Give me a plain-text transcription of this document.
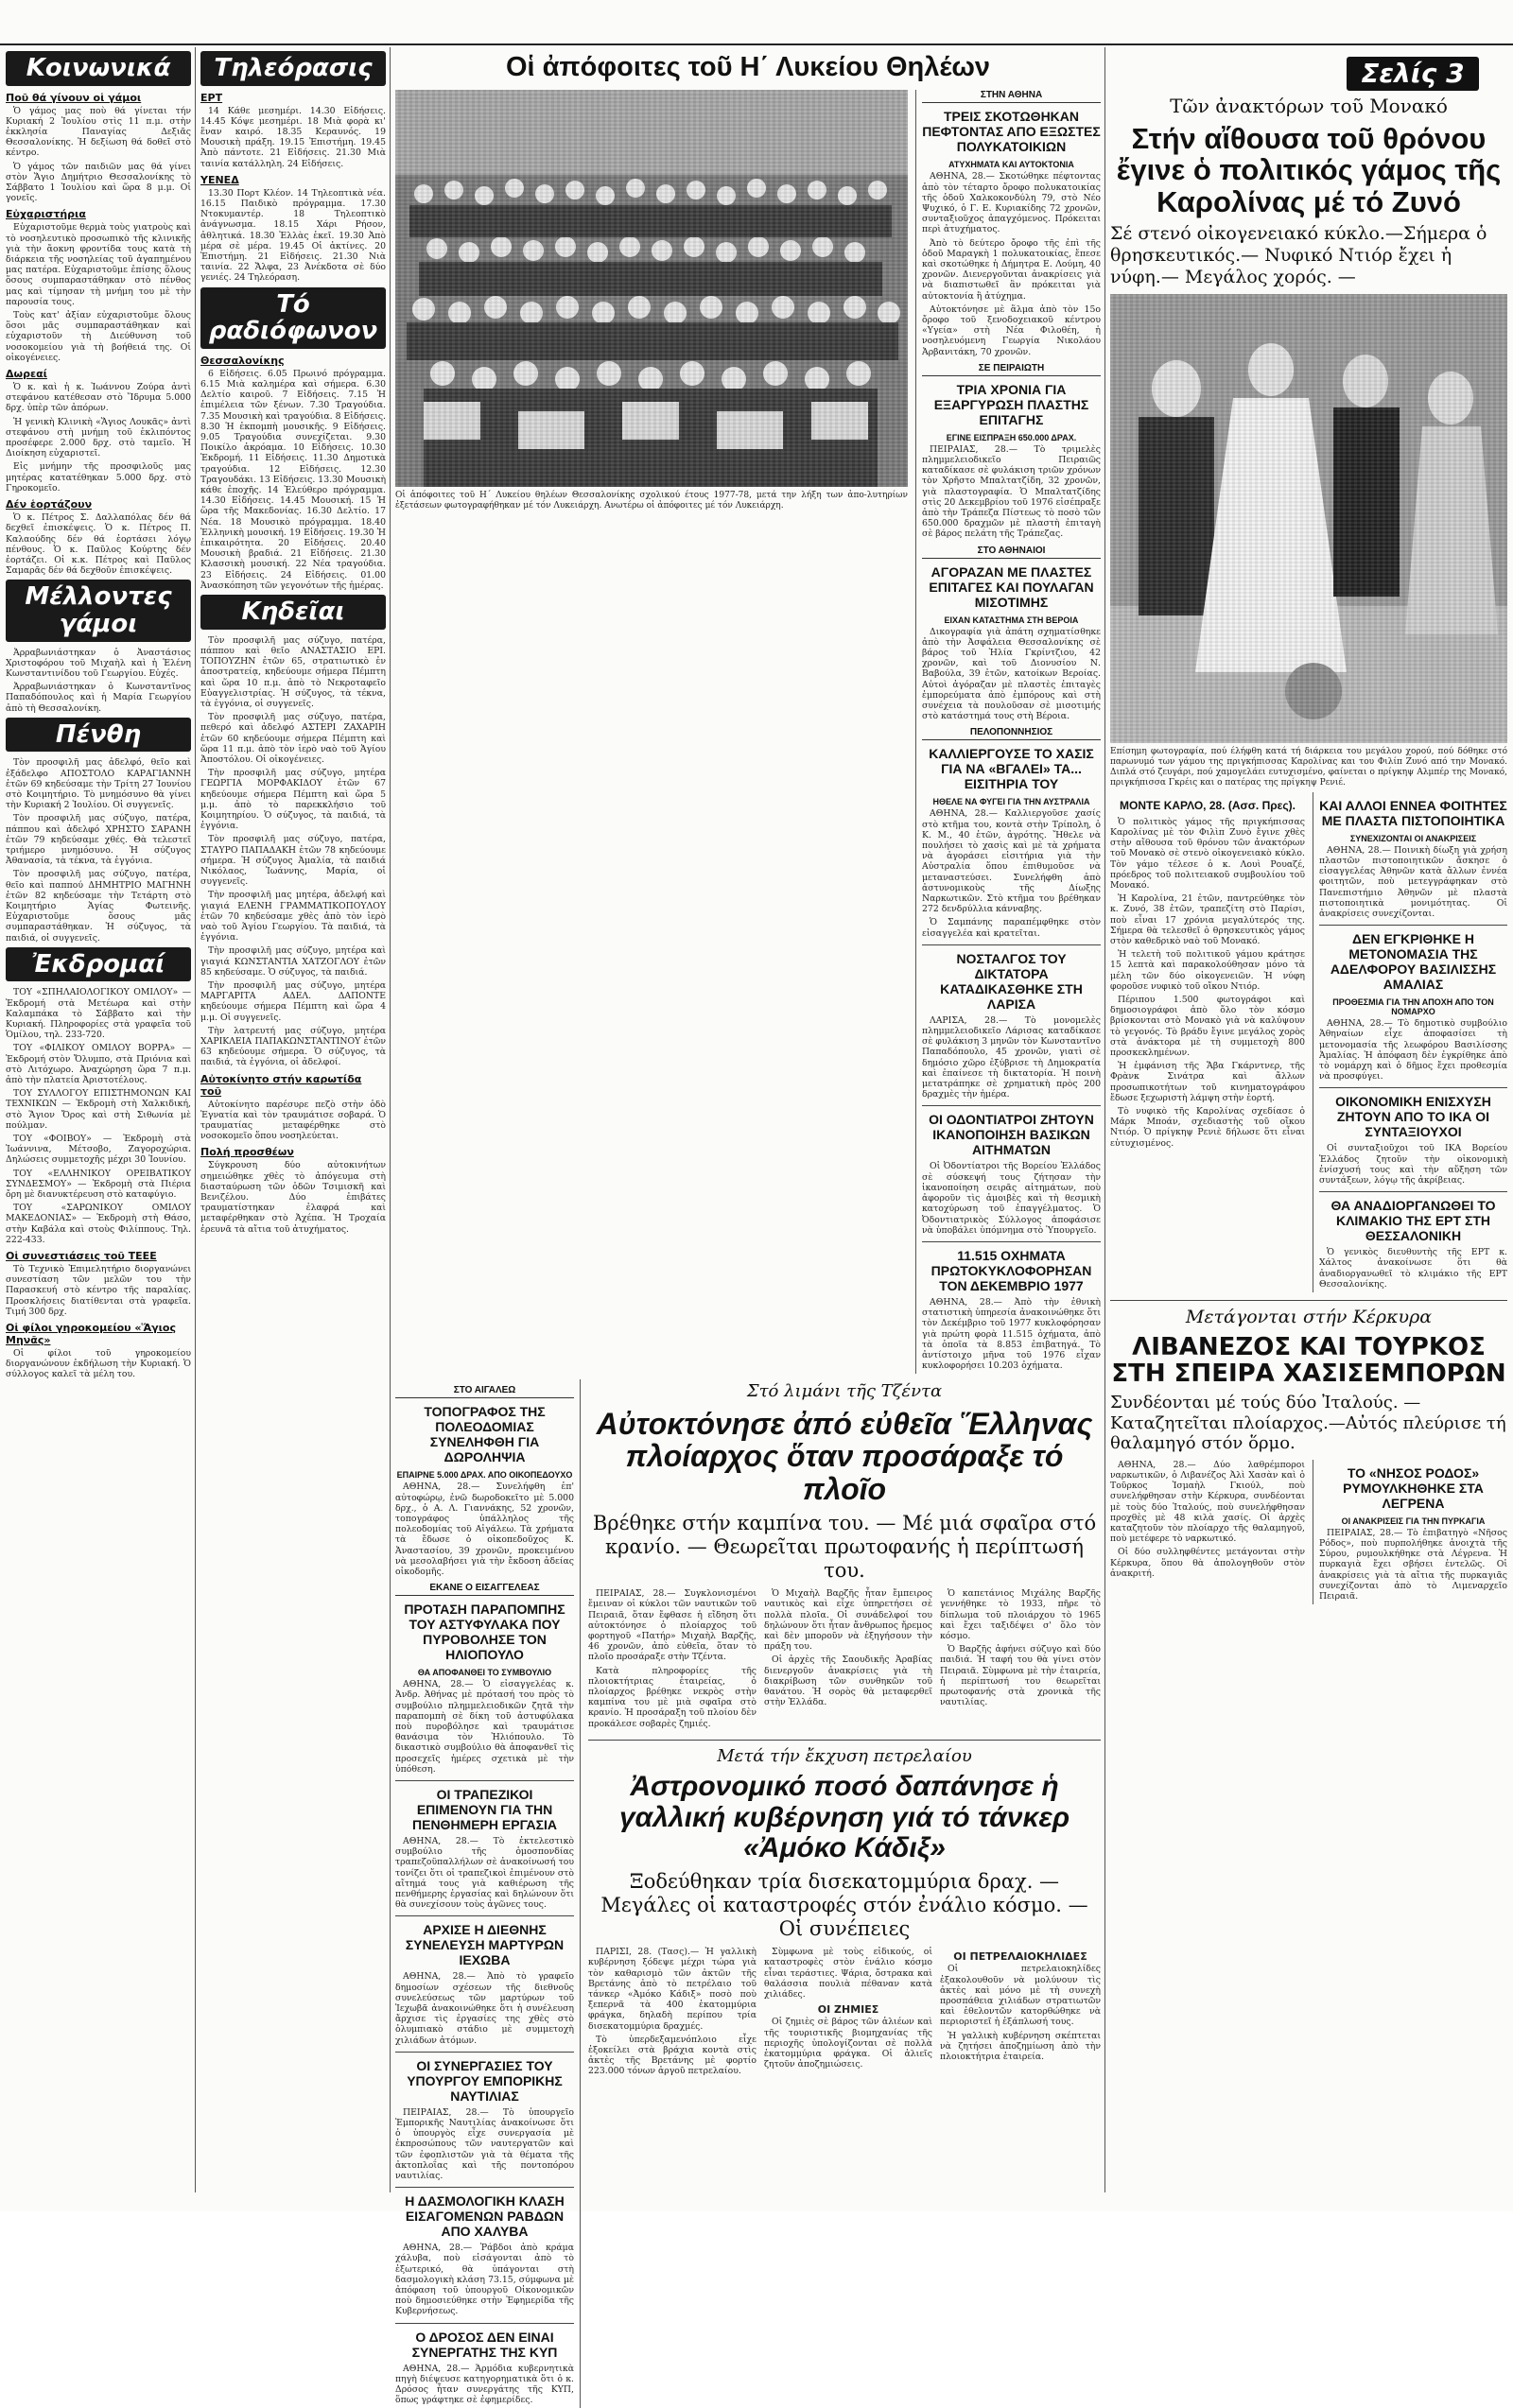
Σελίς 3
Κοινωνικά
Ποῦ θά γίνουν οἱ γάμοι

Ὁ γάμος μας ποὺ θά γίνεται τήν Κυριακή 2 Ἰουλίου στὶς 11 π.μ. στὴν ἐκκλησία Παναγίας Δεξιᾶς Θεσσαλονίκης. Ἡ δεξίωση θά δοθεῖ στὸ κέντρο.

Ὁ γάμος τῶν παιδιῶν μας θά γίνει στὸν Ἅγιο Δημήτριο Θεσσαλονίκης τὸ Σάββατο 1 Ἰουλίου καὶ ὥρα 8 μ.μ. Οἱ γονεῖς.

Εὐχαριστήρια

Εὐχαριστοῦμε θερμὰ τοὺς γιατροὺς καὶ τὸ νοσηλευτικὸ προσωπικὸ τῆς κλινικῆς γιὰ τὴν ἄοκνη φροντίδα τους κατὰ τὴ διάρκεια τῆς νοσηλείας τοῦ ἀγαπημένου μας πατέρα. Εὐχαριστοῦμε ἐπίσης ὅλους ὅσους συμπαραστάθηκαν στὸ πένθος μας καὶ τίμησαν τὴ μνήμη του μὲ τὴν παρουσία τους.

Τοὺς κατ' ἀξίαν εὐχαριστοῦμε ὅλους ὅσοι μᾶς συμπαραστάθηκαν καὶ εὐχαριστοῦν τὴ Διεύθυνση τοῦ νοσοκομείου γιὰ τὴ βοήθειά της. Οἱ οἰκογένειες.

Δωρεαί

Ὁ κ. καὶ ἡ κ. Ἰωάννου Ζούρα ἀντὶ στεφάνου κατέθεσαν στὸ Ἵδρυμα 5.000 δρχ. ὑπὲρ τῶν ἀπόρων.

Ἡ γενικὴ Κλινικὴ «Ἅγιος Λουκᾶς» ἀντὶ στεφάνου στὴ μνήμη τοῦ ἐκλιπόντος προσέφερε 2.000 δρχ. στὸ ταμεῖο. Ἡ Διοίκηση εὐχαριστεῖ.

Εἰς μνήμην τῆς προσφιλοῦς μας μητέρας κατατέθηκαν 5.000 δρχ. στὸ Γηροκομεῖο.

Δέν ἑορτάζουν

Ὁ κ. Πέτρος Σ. Δαλλαπόλας δέν θά δεχθεῖ ἐπισκέψεις. Ὁ κ. Πέτρος Π. Καλαούδης δέν θά ἑορτάσει λόγῳ πένθους. Ὁ κ. Παῦλος Κούρτης δέν ἑορτάζει. Οἱ κ.κ. Πέτρος καὶ Παῦλος Σαμαρᾶς δέν θά δεχθοῦν ἐπισκέψεις.

Μέλλοντες γάμοι

Ἀρραβωνιάστηκαν ὁ Ἀναστάσιος Χριστοφόρου τοῦ Μιχαὴλ καὶ ἡ Ἑλένη Κωνσταντινίδου τοῦ Γεωργίου. Εὐχές.

Ἀρραβωνιάστηκαν ὁ Κωνσταντῖνος Παπαδόπουλος καὶ ἡ Μαρία Γεωργίου ἀπὸ τὴ Θεσσαλονίκη.

Πένθη

Τὸν προσφιλῆ μας ἀδελφό, θεῖο καὶ ἐξάδελφο ΑΠΟΣΤΟΛΟ ΚΑΡΑΓΙΑΝΝΗ ἐτῶν 69 κηδεύσαμε τὴν Τρίτη 27 Ἰουνίου στὸ Κοιμητήριο. Τὸ μνημόσυνο θὰ γίνει τὴν Κυριακή 2 Ἰουλίου. Οἱ συγγενεῖς.

Τὸν προσφιλῆ μας σύζυγο, πατέρα, πάππου καὶ ἀδελφό ΧΡΗΣΤΟ ΣΑΡΑΝΗ ἐτῶν 79 κηδεύσαμε χθές. Θὰ τελεστεῖ τριήμερο μνημόσυνο. Ἡ σύζυγος Ἀθανασία, τὰ τέκνα, τὰ ἐγγόνια.

Τὸν προσφιλῆ μας σύζυγο, πατέρα, θεῖο καὶ παππού ΔΗΜΗΤΡΙΟ ΜΑΓΗΝΗ ἐτῶν 82 κηδεύσαμε τὴν Τετάρτη στὸ Κοιμητήριο Ἁγίας Φωτεινῆς. Εὐχαριστοῦμε ὅσους μᾶς συμπαραστάθηκαν. Ἡ σύζυγος, τὰ παιδιά, οἱ συγγενεῖς.

Ἐκδρομαί

ΤΟΥ «ΣΠΗΛΑΙΟΛΟΓΙΚΟΥ ΟΜΙΛΟΥ» — Ἐκδρομή στὰ Μετέωρα καὶ στὴν Καλαμπάκα τὸ Σάββατο καὶ τὴν Κυριακή. Πληροφορίες στὰ γραφεῖα τοῦ Ὁμίλου, τηλ. 233-720.

ΤΟΥ «ΦΙΛΙΚΟΥ ΟΜΙΛΟΥ ΒΟΡΡΑ» — Ἐκδρομή στὸν Ὄλυμπο, στὰ Πριόνια καὶ στὸ Λιτόχωρο. Ἀναχώρηση ὥρα 7 π.μ. ἀπὸ τὴν πλατεία Ἀριστοτέλους.

ΤΟΥ ΣΥΛΛΟΓΟΥ ΕΠΙΣΤΗΜΟΝΩΝ ΚΑΙ ΤΕΧΝΙΚΩΝ — Ἐκδρομὴ στὴ Χαλκιδική, στὸ Ἅγιον Ὄρος καὶ στὴ Σιθωνία μὲ πούλμαν.

ΤΟΥ «ΦΟΙΒΟΥ» — Ἐκδρομὴ στὰ Ἰωάννινα, Μέτσοβο, Ζαγοροχώρια. Δηλώσεις συμμετοχῆς μέχρι 30 Ἰουνίου.

ΤΟΥ «ΕΛΛΗΝΙΚΟΥ ΟΡΕΙΒΑΤΙΚΟΥ ΣΥΝΔΕΣΜΟΥ» — Ἐκδρομὴ στὰ Πιέρια ὄρη μὲ διανυκτέρευση στὸ καταφύγιο.

ΤΟΥ «ΣΑΡΩΝΙΚΟΥ ΟΜΙΛΟΥ ΜΑΚΕΔΟΝΙΑΣ» — Ἐκδρομὴ στὴ Θάσο, στὴν Καβάλα καὶ στοὺς Φιλίππους. Τηλ. 222-433.

Οἱ συνεστιάσεις τοῦ ΤΕΕΕ

Τὸ Τεχνικὸ Ἐπιμελητήριο διοργανώνει συνεστίαση τῶν μελῶν του τὴν Παρασκευή στὸ κέντρο τῆς παραλίας. Προσκλήσεις διατίθενται στὰ γραφεῖα. Τιμή 300 δρχ.

Οἱ φίλοι γηροκομείου «Ἅγιος Μηνᾶς»

Οἱ φίλοι τοῦ γηροκομείου διοργανώνουν ἐκδήλωση τὴν Κυριακή. Ὁ σύλλογος καλεῖ τὰ μέλη του.

Τηλεόρασις
ΕΡΤ

14 Κάθε μεσημέρι. 14.30 Εἰδήσεις. 14.45 Κόψε μεσημέρι. 18 Μιὰ φορὰ κι' ἕναν καιρό. 18.35 Κεραυνός. 19 Μουσικὴ πράξη. 19.15 Ἐπιστήμη. 19.45 Ἀπὸ πάντοτε. 21 Εἰδήσεις. 21.30 Μιὰ ταινία κατάλληλη. 24 Εἰδήσεις.

ΥΕΝΕΔ

13.30 Πορτ Κλέον. 14 Τηλεοπτικὰ νέα. 16.15 Παιδικὸ πρόγραμμα. 17.30 Ντοκυμαντέρ. 18 Τηλεοπτικὸ ἀνάγνωσμα. 18.15 Χάρι Ρήσον, ἀθλητικά. 18.30 Ἐλλὰς ἐκεῖ. 19.30 Ἀπὸ μέρα σὲ μέρα. 19.45 Οἱ ἀκτίνες. 20 Ἐπιστήμη. 21 Εἰδήσεις. 21.30 Νιὰ ταινία. 22 Ἄλφα, 23 Ἀνέκδοτα σὲ δύο γενιές. 24 Τηλεόραση.

Τό ραδιόφωνον
Θεσσαλονίκης

6 Εἰδήσεις. 6.05 Πρωινό πρόγραμμα. 6.15 Μιὰ καλημέρα καὶ σήμερα. 6.30 Δελτίο καιροῦ. 7 Εἰδήσεις. 7.15 Ἡ ἐπιμέλεια τῶν ξένων. 7.30 Τραγούδια. 7.35 Μουσικὴ καὶ τραγούδια. 8 Εἰδήσεις. 8.30 Ἡ ἐκπομπὴ μουσικῆς. 9 Εἰδήσεις. 9.05 Τραγούδια συνεχίζεται. 9.30 Ποικίλο ἀκρόαμα. 10 Εἰδήσεις. 10.30 Ἐκδρομή. 11 Εἰδήσεις. 11.30 Δημοτικὰ τραγούδια. 12 Εἰδήσεις. 12.30 Τραγουδάκι. 13 Εἰδήσεις. 13.30 Μουσικὴ κάθε ἐποχῆς. 14 Ἐλεύθερο πρόγραμμα. 14.30 Εἰδήσεις. 14.45 Μουσική. 15 Ἡ ὥρα τῆς Μακεδονίας. 16.30 Δελτίο. 17 Νέα. 18 Μουσικὸ πρόγραμμα. 18.40 Ἐλληνικὴ μουσική. 19 Εἰδήσεις. 19.30 Ἡ ἐπικαιρότητα. 20 Εἰδήσεις. 20.40 Μουσικὴ βραδιά. 21 Εἰδήσεις. 21.30 Κλασσικὴ μουσική. 22 Νέα τραγούδια. 23 Εἰδήσεις. 24 Εἰδήσεις. 01.00 Ἀνασκόπηση τῶν γεγονότων τῆς ἡμέρας.

Κηδεῖαι

Τὸν προσφιλῆ μας σύζυγο, πατέρα, πάππου καὶ θεῖο ΑΝΑΣΤΑΣΙΟ ΕΡΙ. ΤΟΠΟΥΖΗΝ ἐτῶν 65, στρατιωτικὸ ἐν ἀποστρατείᾳ, κηδεύουμε σήμερα Πέμπτη καὶ ὥρα 10 π.μ. ἀπὸ τὸ Νεκροταφεῖο Εὐαγγελιστρίας. Ἡ σύζυγος, τὰ τέκνα, τὰ ἐγγόνια, οἱ συγγενεῖς.

Τὸν προσφιλῆ μας σύζυγο, πατέρα, πεθερό καὶ ἀδελφό ΑΣΤΕΡΙ ΖΑΧΑΡΙΗ ἐτῶν 60 κηδεύουμε σήμερα Πέμπτη καὶ ὥρα 11 π.μ. ἀπὸ τὸν ἱερὸ ναὸ τοῦ Ἁγίου Ἀποστόλου. Οἱ οἰκογένειες.

Τὴν προσφιλῆ μας σύζυγο, μητέρα ΓΕΩΡΓΙΑ ΜΟΡΦΑΚΙΔΟΥ ἐτῶν 67 κηδεύουμε σήμερα Πέμπτη καὶ ὥρα 5 μ.μ. ἀπὸ τὸ παρεκκλήσιο τοῦ Κοιμητηρίου. Ὁ σύζυγος, τὰ παιδιά, τὰ ἐγγόνια.

Τὸν προσφιλῆ μας σύζυγο, πατέρα, ΣΤΑΥΡΟ ΠΑΠΑΔΑΚΗ ἐτῶν 78 κηδεύουμε σήμερα. Ἡ σύζυγος Ἀμαλία, τὰ παιδιά Νικόλαος, Ἰωάννης, Μαρία, οἱ συγγενεῖς.

Τὴν προσφιλῆ μας μητέρα, ἀδελφή καὶ γιαγιά ΕΛΕΝΗ ΓΡΑΜΜΑΤΙΚΟΠΟΥΛΟΥ ἐτῶν 70 κηδεύσαμε χθὲς ἀπὸ τὸν ἱερὸ ναὸ τοῦ Ἁγίου Γεωργίου. Τὰ παιδιά, τὰ ἐγγόνια.

Τὴν προσφιλῆ μας σύζυγο, μητέρα καὶ γιαγιά ΚΩΝΣΤΑΝΤΙΑ ΧΑΤΖΟΓΛΟΥ ἐτῶν 85 κηδεύσαμε. Ὁ σύζυγος, τὰ παιδιά.

Τὴν προσφιλῆ μας σύζυγο, μητέρα ΜΑΡΓΑΡΙΤΑ ΑΔΕΛ. ΔΑΠΟΝΤΕ κηδεύουμε σήμερα Πέμπτη καὶ ὥρα 4 μ.μ. Οἱ συγγενεῖς.

Τὴν λατρευτή μας σύζυγο, μητέρα ΧΑΡΙΚΛΕΙΑ ΠΑΠΑΚΩΝΣΤΑΝΤΙΝΟΥ ἐτῶν 63 κηδεύουμε σήμερα. Ὁ σύζυγος, τὰ παιδιά, τὰ ἐγγόνια, οἱ ἀδελφοί.

Αὐτοκίνητο στήν καρωτίδα τοῦ

Αὐτοκίνητο παρέσυρε πεζὸ στὴν ὁδὸ Ἐγνατία καὶ τὸν τραυμάτισε σοβαρά. Ὁ τραυματίας μεταφέρθηκε στὸ νοσοκομεῖο ὅπου νοσηλεύεται.

Πολή προσθέων

Σύγκρουση δύο αὐτοκινήτων σημειώθηκε χθὲς τὸ ἀπόγευμα στὴ διασταύρωση τῶν ὁδῶν Τσιμισκῆ καὶ Βενιζέλου. Δύο ἐπιβάτες τραυματίστηκαν ἐλαφρά καὶ μεταφέρθηκαν στὸ Ἀχέπα. Ἡ Τροχαία ἐρευνᾶ τὰ αἴτια τοῦ ἀτυχήματος.

Οἱ ἀπόφοιτες τοῦ Η΄ Λυκείου Θηλέων
Οἱ ἀπόφοιτες τοῦ Η΄ Λυκείου θηλέων Θεσσαλονίκης σχολικού έτους 1977-78, μετά την λήξη των ἀπο-λυτηρίων ἐξετάσεων φωτογραφήθηκαν μέ τόν Λυκειάρχη. Ανωτέρω οἱ ἀπόφοιτες μέ τόν Λυκειάρχη.
ΣΤΗΝ ΑΘΗΝΑ
ΤΡΕΙΣ ΣΚΟΤΩΘΗΚΑΝ ΠΕΦΤΟΝΤΑΣ ΑΠΟ ΕΞΩΣΤΕΣ ΠΟΛΥΚΑΤΟΙΚΙΩΝ
ΑΤΥΧΗΜΑΤΑ ΚΑΙ ΑΥΤΟΚΤΟΝΙΑ

ΑΘΗΝΑ, 28.— Σκοτώθηκε πέφτοντας ἀπὸ τὸν τέταρτο ὄροφο πολυκατοικίας τῆς ὁδοῦ Χαλκοκονδύλη 79, στὸ Νέο Ψυχικό, ὁ Γ. Ε. Κυριακίδης 72 χρονῶν, συνταξιοῦχος ἀπαγχόμενος. Πρόκειται περὶ ἀτυχήματος.

Ἀπὸ τὸ δεύτερο ὄροφο τῆς ἐπὶ τῆς ὁδοῦ Μαραγκὴ 1 πολυκατοικίας, ἔπεσε καὶ σκοτώθηκε ἡ Δήμητρα Ε. Λούμη, 40 χρονῶν. Διενεργοῦνται ἀνακρίσεις γιὰ νὰ διαπιστωθεῖ ἂν πρόκειται γιὰ αὐτοκτονία ἢ ἀτύχημα.

Αὐτοκτόνησε μὲ ἅλμα ἀπὸ τὸν 15ο ὄροφο τοῦ ξενοδοχειακοῦ κέντρου «Υγεία» στὴ Νέα Φιλοθέη, ἡ νοσηλευόμενη Γεωργία Νικολάου Ἀρβανιτάκη, 70 χρονῶν.

ΣΕ ΠΕΙΡΑΙΩΤΗ
ΤΡΙΑ ΧΡΟΝΙΑ ΓΙΑ ΕΞΑΡΓΥΡΩΣΗ ΠΛΑΣΤΗΣ ΕΠΙΤΑΓΗΣ
ΕΓΙΝΕ ΕΙΣΠΡΑΞΗ 650.000 ΔΡΑΧ.

ΠΕΙΡΑΙΑΣ, 28.— Τὸ τριμελὲς πλημμελειοδικεῖο Πειραιῶς καταδίκασε σὲ φυλάκιση τριῶν χρόνων τὸν Χρῆστο Μπαλτατζίδη, 32 χρονῶν, γιὰ πλαστογραφία. Ὁ Μπαλτατζίδης στὶς 20 Δεκεμβρίου τοῦ 1976 εἰσέπραξε ἀπὸ τὴν Τράπεζα Πίστεως τὸ ποσὸ τῶν 650.000 δραχμῶν μὲ πλαστὴ ἐπιταγὴ σὲ βάρος πελάτη τῆς Τράπεζας.

ΣΤΟ ΑΘΗΝΑΙΟΙ
ΑΓΟΡΑΖΑΝ ΜΕ ΠΛΑΣΤΕΣ ΕΠΙΤΑΓΕΣ ΚΑΙ ΠΟΥΛΑΓΑΝ ΜΙΣΟΤΙΜΗΣ
ΕΙΧΑΝ ΚΑΤΑΣΤΗΜΑ ΣΤΗ ΒΕΡΟΙΑ

Δικογραφία γιὰ ἀπάτη σχηματίσθηκε ἀπὸ τὴν Ἀσφάλεια Θεσσαλονίκης σὲ βάρος τοῦ Ἠλία Γκρίντζιου, 42 χρονῶν, καὶ τοῦ Διονυσίου Ν. Βαβούλα, 39 ἐτῶν, κατοίκων Βεροίας. Αὐτοὶ ἀγόραζαν μὲ πλαστὲς ἐπιταγὲς ἐμπορεύματα ἀπὸ ἐμπόρους καὶ στὴ συνέχεια τὰ πουλοῦσαν σὲ μισοτιμής στὸ κατάστημά τους στὴ Βέροια.

ΠΕΛΟΠΟΝΝΗΣΙΟΣ
ΚΑΛΛΙΕΡΓΟΥΣΕ ΤΟ ΧΑΣΙΣ ΓΙΑ ΝΑ «ΒΓΑΛΕΙ» ΤΑ... ΕΙΣΙΤΗΡΙΑ ΤΟΥ
ΗΘΕΛΕ ΝΑ ΦΥΓΕΙ ΓΙΑ ΤΗΝ ΑΥΣΤΡΑΛΙΑ

ΑΘΗΝΑ, 28.— Καλλιεργοῦσε χασίς στὸ κτῆμα του, κοντὰ στὴν Τρίπολη, ὁ Κ. Μ., 40 ἐτῶν, ἀγρότης. Ἤθελε νὰ πουλήσει τὸ χασὶς καὶ μὲ τὰ χρήματα νὰ ἀγοράσει εἰσιτήρια γιὰ τὴν Αὐστραλία ὅπου ἐπιθυμοῦσε νὰ μεταναστεύσει. Συνελήφθη ἀπὸ ἀστυνομικοὺς τῆς Δίωξης Ναρκωτικῶν. Στὸ κτῆμα του βρέθηκαν 272 δενδρύλλια κάνναβης.

Ὁ Σαμπάνης παραπέμφθηκε στὸν εἰσαγγελέα καὶ κρατεῖται.

ΝΟΣΤΑΛΓΟΣ ΤΟΥ ΔΙΚΤΑΤΟΡΑ ΚΑΤΑΔΙΚΑΣΘΗΚΕ ΣΤΗ ΛΑΡΙΣΑ

ΛΑΡΙΣΑ, 28.— Τὸ μονομελὲς πλημμελειοδικεῖο Λάρισας καταδίκασε σὲ φυλάκιση 3 μηνῶν τὸν Κωνσταντῖνο Παπαδόπουλο, 45 χρονῶν, γιατὶ σὲ δημόσιο χῶρο ἐξύβρισε τὴ Δημοκρατία καὶ ἐπαίνεσε τὴ δικτατορία. Ἡ ποινὴ μετατράπηκε σὲ χρηματικὴ πρὸς 200 δραχμὲς τὴν ἡμέρα.

ΟΙ ΟΔΟΝΤΙΑΤΡΟΙ ΖΗΤΟΥΝ ΙΚΑΝΟΠΟΙΗΣΗ ΒΑΣΙΚΩΝ ΑΙΤΗΜΑΤΩΝ

Οἱ Ὀδοντίατροι τῆς Βορείου Ἑλλάδος σὲ σύσκεψή τους ζήτησαν τὴν ἱκανοποίηση σειρᾶς αἰτημάτων, ποὺ ἀφοροῦν τὶς ἀμοιβὲς καὶ τὴ θεσμικὴ κατοχύρωση τοῦ ἐπαγγέλματος. Ὁ Ὀδοντιατρικὸς Σύλλογος ἀποφάσισε νὰ ὑποβάλει ὑπόμνημα στὸ Ὑπουργεῖο.

11.515 ΟΧΗΜΑΤΑ ΠΡΩΤΟΚΥΚΛΟΦΟΡΗΣΑΝ ΤΟΝ ΔΕΚΕΜΒΡΙΟ 1977

ΑΘΗΝΑ, 28.— Ἀπὸ τὴν ἐθνικὴ στατιστικὴ ὑπηρεσία ἀνακοινώθηκε ὅτι τὸν Δεκέμβριο τοῦ 1977 κυκλοφόρησαν γιὰ πρώτη φορὰ 11.515 ὀχήματα, ἀπὸ τὰ ὁποῖα τὰ 8.853 ἐπιβατηγά. Τὸ ἀντίστοιχο μῆνα τοῦ 1976 εἶχαν κυκλοφορήσει 10.203 ὀχήματα.

ΣΤΟ ΑΙΓΑΛΕΩ
ΤΟΠΟΓΡΑΦΟΣ ΤΗΣ ΠΟΛΕΟΔΟΜΙΑΣ ΣΥΝΕΛΗΦΘΗ ΓΙΑ ΔΩΡΟΛΗΨΙΑ
ΕΠΑΙΡΝΕ 5.000 ΔΡΑΧ. ΑΠΟ ΟΙΚΟΠΕΔΟΥΧΟ

ΑΘΗΝΑ, 28.— Συνελήφθη ἐπ' αὐτοφώρῳ, ἐνῶ δωροδοκεῖτο μὲ 5.000 δρχ., ὁ Α. Λ. Γιαννάκης, 52 χρονῶν, τοπογράφος ὑπάλληλος τῆς πολεοδομίας τοῦ Αἰγάλεω. Τὰ χρήματα τὰ ἔδωσε ὁ οἰκοπεδοῦχος Κ. Ἀναστασίου, 39 χρονῶν, προκειμένου νὰ μεσολαβήσει γιὰ τὴν ἔκδοση ἀδείας οἰκοδομῆς.

ΕΚΑΝΕ Ο ΕΙΣΑΓΓΕΛΕΑΣ
ΠΡΟΤΑΣΗ ΠΑΡΑΠΟΜΠΗΣ ΤΟΥ ΑΣΤΥΦΥΛΑΚΑ ΠΟΥ ΠΥΡΟΒΟΛΗΣΕ ΤΟΝ ΗΛΙΟΠΟΥΛΟ
ΘΑ ΑΠΟΦΑΝΘΕΙ ΤΟ ΣΥΜΒΟΥΛΙΟ

ΑΘΗΝΑ, 28.— Ὁ εἰσαγγελέας κ. Ἀνδρ. Ἀθήνας μὲ πρότασή του πρὸς τὸ συμβούλιο πλημμελειοδικῶν ζητᾶ τὴν παραπομπὴ σὲ δίκη τοῦ ἀστυφύλακα ποὺ πυροβόλησε καὶ τραυμάτισε θανάσιμα τὸν Ἠλιόπουλο. Τὸ δικαστικὸ συμβούλιο θὰ ἀποφανθεῖ τὶς προσεχεῖς ἡμέρες σχετικὰ μὲ τὴν ὑπόθεση.

ΟΙ ΤΡΑΠΕΖΙΚΟΙ ΕΠΙΜΕΝΟΥΝ ΓΙΑ ΤΗΝ ΠΕΝΘΗΜΕΡΗ ΕΡΓΑΣΙΑ

ΑΘΗΝΑ, 28.— Τὸ ἐκτελεστικὸ συμβούλιο τῆς ὁμοσπονδίας τραπεζοϋπαλλήλων σὲ ἀνακοίνωσή του τονίζει ὅτι οἱ τραπεζικοὶ ἐπιμένουν στὸ αἴτημά τους γιὰ καθιέρωση τῆς πενθήμερης ἐργασίας καὶ δηλώνουν ὅτι θὰ συνεχίσουν τοὺς ἀγῶνες τους.

ΑΡΧΙΣΕ Η ΔΙΕΘΝΗΣ ΣΥΝΕΛΕΥΣΗ ΜΑΡΤΥΡΩΝ ΙΕΧΩΒΑ

ΑΘΗΝΑ, 28.— Ἀπὸ τὸ γραφεῖο δημοσίων σχέσεων τῆς διεθνοῦς συνελεύσεως τῶν μαρτύρων τοῦ Ἰεχωβᾶ ἀνακοινώθηκε ὅτι ἡ συνέλευση ἄρχισε τὶς ἐργασίες της χθὲς στὸ ὀλυμπιακὸ στάδιο μὲ συμμετοχὴ χιλιάδων ἀτόμων.

ΟΙ ΣΥΝΕΡΓΑΣΙΕΣ ΤΟΥ ΥΠΟΥΡΓΟΥ ΕΜΠΟΡΙΚΗΣ ΝΑΥΤΙΛΙΑΣ

ΠΕΙΡΑΙΑΣ, 28.— Τὸ ὑπουργεῖο Ἐμπορικῆς Ναυτιλίας ἀνακοίνωσε ὅτι ὁ ὑπουργὸς εἶχε συνεργασία μὲ ἐκπροσώπους τῶν ναυτεργατῶν καὶ τῶν ἐφοπλιστῶν γιὰ τὰ θέματα τῆς ἀκτοπλοΐας καὶ τῆς ποντοπόρου ναυτιλίας.

Η ΔΑΣΜΟΛΟΓΙΚΗ ΚΛΑΣΗ ΕΙΣΑΓΟΜΕΝΩΝ ΡΑΒΔΩΝ ΑΠΟ ΧΑΛΥΒΑ

ΑΘΗΝΑ, 28.— Ῥάβδοι ἀπὸ κράμα χάλυβα, ποὺ εἰσάγονται ἀπὸ τὸ ἐξωτερικό, θὰ ὑπάγονται στὴ δασμολογικὴ κλάση 73.15, σύμφωνα μὲ ἀπόφαση τοῦ ὑπουργοῦ Οἰκονομικῶν ποὺ δημοσιεύθηκε στὴν Ἐφημερίδα τῆς Κυβερνήσεως.

Ο ΔΡΟΣΟΣ ΔΕΝ ΕΙΝΑΙ ΣΥΝΕΡΓΑΤΗΣ ΤΗΣ ΚΥΠ

ΑΘΗΝΑ, 28.— Ἁρμόδια κυβερνητικὰ πηγὴ διέψευσε κατηγορηματικὰ ὅτι ὁ κ. Δρόσος ἦταν συνεργάτης τῆς ΚΥΠ, ὅπως γράφτηκε σὲ ἐφημερίδες.

Στό λιμάνι τῆς Τζέντα
Αὐτοκτόνησε ἀπό εὐθεῖα Ἕλληνας πλοίαρχος ὅταν προσάραξε τό πλοῖο
Βρέθηκε στήν καμπίνα του. — Μέ μιά σφαῖρα στό κρανίο. — Θεωρεῖται πρωτοφανής ἡ περίπτωσή του.

ΠΕΙΡΑΙΑΣ, 28.— Συγκλονισμένοι ἔμειναν οἱ κύκλοι τῶν ναυτικῶν τοῦ Πειραιᾶ, ὅταν ἔφθασε ἡ εἴδηση ὅτι αὐτοκτόνησε ὁ πλοίαρχος τοῦ φορτηγοῦ «Πατήρ» Μιχαὴλ Βαρζῆς, 46 χρονῶν, ἀπὸ εὐθεῖα, ὅταν τὸ πλοῖο προσάραξε στὴν Τζέντα.

Κατὰ πληροφορίες τῆς πλοιοκτήτριας ἑταιρείας, ὁ πλοίαρχος βρέθηκε νεκρὸς στὴν καμπίνα του μὲ μιὰ σφαῖρα στὸ κρανίο. Ἡ προσάραξη τοῦ πλοίου δὲν προκάλεσε σοβαρὲς ζημιές.

Ὁ Μιχαὴλ Βαρζῆς ἦταν ἔμπειρος ναυτικὸς καὶ εἶχε ὑπηρετήσει σὲ πολλὰ πλοῖα. Οἱ συνάδελφοί του δηλώνουν ὅτι ἦταν ἄνθρωπος ἤρεμος καὶ δὲν μποροῦν νὰ ἐξηγήσουν τὴν πράξη του.

Οἱ ἀρχὲς τῆς Σαουδικῆς Ἀραβίας διενεργοῦν ἀνακρίσεις γιὰ τὴ διακρίβωση τῶν συνθηκῶν τοῦ θανάτου. Ἡ σορὸς θὰ μεταφερθεῖ στὴν Ἑλλάδα.

Ὁ καπετάνιος Μιχάλης Βαρζῆς γεννήθηκε τὸ 1933, πῆρε τὸ δίπλωμα τοῦ πλοιάρχου τὸ 1965 καὶ ἔχει ταξιδέψει σ' ὅλο τὸν κόσμο.

Ὁ Βαρζῆς ἀφήνει σύζυγο καὶ δύο παιδιά. Ἡ ταφή του θὰ γίνει στὸν Πειραιᾶ. Σὺμφωνα μὲ τὴν ἑταιρεία, ἡ περίπτωσή του θεωρεῖται πρωτοφανής στὰ χρονικὰ τῆς ναυτιλίας.

Μετά τήν ἔκχυση πετρελαίου
Ἀστρονομικό ποσό δαπάνησε ἡ γαλλική κυβέρνηση γιά τό τάνκερ «Ἀμόκο Κάδιξ»
Ξοδεύθηκαν τρία δισεκατομμύρια δραχ. — Μεγάλες οἱ καταστροφές στόν ἐνάλιο κόσμο. — Οἱ συνέπειες

ΠΑΡΙΣΙ, 28. (Τασς).— Ἡ γαλλικὴ κυβέρνηση ξόδεψε μέχρι τώρα γιὰ τὸν καθαρισμὸ τῶν ἀκτῶν τῆς Βρετάνης ἀπὸ τὸ πετρέλαιο τοῦ τάνκερ «Ἀμόκο Κάδιξ» ποσὸ ποὺ ξεπερνᾶ τὰ 400 ἑκατομμύρια φράγκα, δηλαδὴ περίπου τρία δισεκατομμύρια δραχμές.

Τὸ ὑπερδεξαμενόπλοιο εἶχε ἐξοκείλει στὰ βράχια κοντὰ στὶς ἀκτὲς τῆς Βρετάνης μὲ φορτίο 223.000 τόνων ἀργοῦ πετρελαίου.

Σὺμφωνα μὲ τοὺς εἰδικούς, οἱ καταστροφὲς στὸν ἐνάλιο κόσμο εἶναι τεράστιες. Ψάρια, ὄστρακα καὶ θαλάσσια πουλιὰ πέθαναν κατὰ χιλιάδες.

ΟΙ ΖΗΜΙΕΣ

Οἱ ζημιὲς σὲ βάρος τῶν ἁλιέων καὶ τῆς τουριστικῆς βιομηχανίας τῆς περιοχῆς ὑπολογίζονται σὲ πολλὰ ἑκατομμύρια φράγκα. Οἱ ἁλιεῖς ζητοῦν ἀποζημιώσεις.

ΟΙ ΠΕΤΡΕΛΑΙΟΚΗΛΙΔΕΣ

Οἱ πετρελαιοκηλίδες ἐξακολουθοῦν νὰ μολύνουν τὶς ἀκτὲς καὶ μόνο μὲ τὴ συνεχὴ προσπάθεια χιλιάδων στρατιωτῶν καὶ ἐθελοντῶν κατορθώθηκε νὰ περιοριστεῖ ἡ ἐξάπλωσή τους.

Ἡ γαλλικὴ κυβέρνηση σκέπτεται νὰ ζητήσει ἀποζημίωση ἀπὸ τὴν πλοιοκτήτρια ἑταιρεία.

Τῶν ἀνακτόρων τοῦ Μονακό
Στήν αἴθουσα τοῦ θρόνου ἔγινε ὁ πολιτικός γάμος τῆς Καρολίνας μέ τό Ζυνό
Σέ στενό οἰκογενειακό κύκλο.—Σήμερα ὁ θρησκευτικός.— Νυφικό Ντιόρ ἔχει ἡ νύφη.— Μεγάλος χορός. —
Επίσημη φωτογραφία, πού έλήφθη κατά τή διάρκεια του μεγάλου χορού, πού δόθηκε στό παρωνυμό των γάμου της πριγκήπισσας Καρολίνας και του Φιλίπ Ζυνό από την Μονακό. Διπλά στό ζευγάρι, πού χαμογελάει ευτυχισμένο, φαίνεται ο πρίγκηψ Αλμπέρ της Μονακό, πριγκήπισσα Γκρέις και ο πατέρας της πρίγκηψ Ρενιέ.
ΜΟΝΤΕ ΚΑΡΛΟ, 28. (Ασσ. Πρες).

Ὁ πολιτικὸς γάμος τῆς πριγκήπισσας Καρολίνας μὲ τὸν Φιλὶπ Ζυνὸ ἔγινε χθὲς στὴν αἴθουσα τοῦ θρόνου τῶν ἀνακτόρων τοῦ Μονακὸ σὲ στενὸ οἰκογενειακὸ κύκλο. Τὸν γάμο τέλεσε ὁ κ. Λουὶ Ρουαζέ, πρόεδρος τοῦ πολιτειακοῦ συμβουλίου τοῦ Μονακό.

Ἡ Καρολίνα, 21 ἐτῶν, παντρεύθηκε τὸν κ. Ζυνό, 38 ἐτῶν, τραπεζίτη στὸ Παρίσι, ποὺ εἶναι 17 χρόνια μεγαλύτερός της. Σήμερα θὰ τελεσθεῖ ὁ θρησκευτικὸς γάμος στὸν καθεδρικὸ ναὸ τοῦ Μονακό.

Ἡ τελετὴ τοῦ πολιτικοῦ γάμου κράτησε 15 λεπτὰ καὶ παρακολούθησαν μόνο τὰ μέλη τῶν δύο οἰκογενειῶν. Ἡ νύφη φοροῦσε νυφικὸ τοῦ οἴκου Ντιόρ.

Πέριπου 1.500 φωτογράφοι καὶ δημοσιογράφοι ἀπὸ ὅλο τὸν κόσμο βρίσκονται στὸ Μονακὸ γιὰ νὰ καλύψουν τὸ γεγονός. Τὸ βράδυ ἔγινε μεγάλος χορὸς στὰ ἀνάκτορα μὲ τὴ συμμετοχὴ 800 προσκεκλημένων.

Ἡ ἐμφάνιση τῆς Ἄβα Γκάρντνερ, τῆς Φρὰνκ Σινάτρα καὶ ἄλλων προσωπικοτήτων τοῦ κινηματογράφου ἔδωσε ξεχωριστὴ λάμψη στὴν ἑορτή.

Τὸ νυφικὸ τῆς Καρολίνας σχεδίασε ὁ Μάρκ Μποάν, σχεδιαστὴς τοῦ οἴκου Ντιόρ. Ὁ πρίγκηψ Ρενιὲ δήλωσε ὅτι εἶναι εὐτυχισμένος.

ΚΑΙ ΑΛΛΟΙ ΕΝΝΕΑ ΦΟΙΤΗΤΕΣ ΜΕ ΠΛΑΣΤΑ ΠΙΣΤΟΠΟΙΗΤΙΚΑ
ΣΥΝΕΧΙΖΟΝΤΑΙ ΟΙ ΑΝΑΚΡΙΣΕΙΣ

ΑΘΗΝΑ, 28.— Ποινικὴ δίωξη γιὰ χρήση πλαστῶν πιστοποιητικῶν ἄσκησε ὁ εἰσαγγελέας Ἀθηνῶν κατὰ ἄλλων ἐννέα φοιτητῶν, ποὺ μετεγγράφηκαν στὸ Πανεπιστήμιο Ἀθηνῶν μὲ πλαστὰ πιστοποιητικὰ μονιμότητας. Οἱ ἀνακρίσεις συνεχίζονται.

ΔΕΝ ΕΓΚΡΙΘΗΚΕ Η ΜΕΤΟΝΟΜΑΣΙΑ ΤΗΣ ΑΔΕΛΦΟΡΟΥ ΒΑΣΙΛΙΣΣΗΣ ΑΜΑΛΙΑΣ
ΠΡΟΘΕΣΜΙΑ ΓΙΑ ΤΗΝ ΑΠΟΧΗ ΑΠΟ ΤΟΝ ΝΟΜΑΡΧΟ

ΑΘΗΝΑ, 28.— Τὸ δημοτικὸ συμβούλιο Ἀθηναίων εἶχε ἀποφασίσει τὴ μετονομασία τῆς λεωφόρου Βασιλίσσης Ἀμαλίας. Ἡ ἀπόφαση δὲν ἐγκρίθηκε ἀπὸ τὸ νομάρχη καὶ ὁ δῆμος ἔχει προθεσμία νὰ προσφύγει.

ΟΙΚΟΝΟΜΙΚΗ ΕΝΙΣΧΥΣΗ ΖΗΤΟΥΝ ΑΠΟ ΤΟ ΙΚΑ ΟΙ ΣΥΝΤΑΞΙΟΥΧΟΙ

Οἱ συνταξιοῦχοι τοῦ ΙΚΑ Βορείου Ἑλλάδος ζητοῦν τὴν οἰκονομικὴ ἐνίσχυσή τους καὶ τὴν αὔξηση τῶν συντάξεων, λόγῳ τῆς ἀκρίβειας.

ΘΑ ΑΝΑΔΙΟΡΓΑΝΩΘΕΙ ΤΟ ΚΛΙΜΑΚΙΟ ΤΗΣ ΕΡΤ ΣΤΗ ΘΕΣΣΑΛΟΝΙΚΗ

Ὁ γενικὸς διευθυντὴς τῆς ΕΡΤ κ. Χάλτος ἀνακοίνωσε ὅτι θὰ ἀναδιοργανωθεῖ τὸ κλιμάκιο τῆς ΕΡΤ Θεσσαλονίκης.

Μετάγονται στήν Κέρκυρα
ΛΙΒΑΝΕΖΟΣ ΚΑΙ ΤΟΥΡΚΟΣ ΣΤΗ ΣΠΕΙΡΑ ΧΑΣΙΣΕΜΠΟΡΩΝ
Συνδέονται μέ τούς δύο Ἰταλούς. — Καταζητεῖται πλοίαρχος.—Αὐτός πλεύρισε τή θαλαμηγό στόν ὅρμο.

ΑΘΗΝΑ, 28.— Δύο λαθρέμποροι ναρκωτικῶν, ὁ Λιβανέζος Ἀλὶ Χασὰν καὶ ὁ Τοῦρκος Ἰσμαὴλ Γκιούλ, ποὺ συνελήφθησαν στὴν Κέρκυρα, συνδέονται μὲ τοὺς δύο Ἰταλούς, ποὺ συνελήφθησαν προχθὲς μὲ 48 κιλὰ χασίς. Οἱ ἀρχὲς καταζητοῦν τὸν πλοίαρχο τῆς θαλαμηγοῦ, ποὺ μετέφερε τὸ ναρκωτικό.

Οἱ δύο συλληφθέντες μετάγονται στὴν Κέρκυρα, ὅπου θὰ ἀπολογηθοῦν στὸν ἀνακριτή.

ΤΟ «ΝΗΣΟΣ ΡΟΔΟΣ» ΡΥΜΟΥΛΚΗΘΗΚΕ ΣΤΑ ΛΕΓΡΕΝΑ
ΟΙ ΑΝΑΚΡΙΣΕΙΣ ΓΙΑ ΤΗΝ ΠΥΡΚΑΓΙΑ

ΠΕΙΡΑΙΑΣ, 28.— Τὸ ἐπιβατηγὸ «Νῆσος Ρόδος», ποὺ πυρπολήθηκε ἀνοιχτὰ τῆς Σύρου, ρυμουλκήθηκε στὰ Λέγρενα. Ἡ πυρκαγιὰ ἔχει σβήσει ἐντελῶς. Οἱ ἀνακρίσεις γιὰ τὰ αἴτια τῆς πυρκαγιᾶς συνεχίζονται ἀπὸ τὸ Λιμεναρχεῖο Πειραιᾶ.
